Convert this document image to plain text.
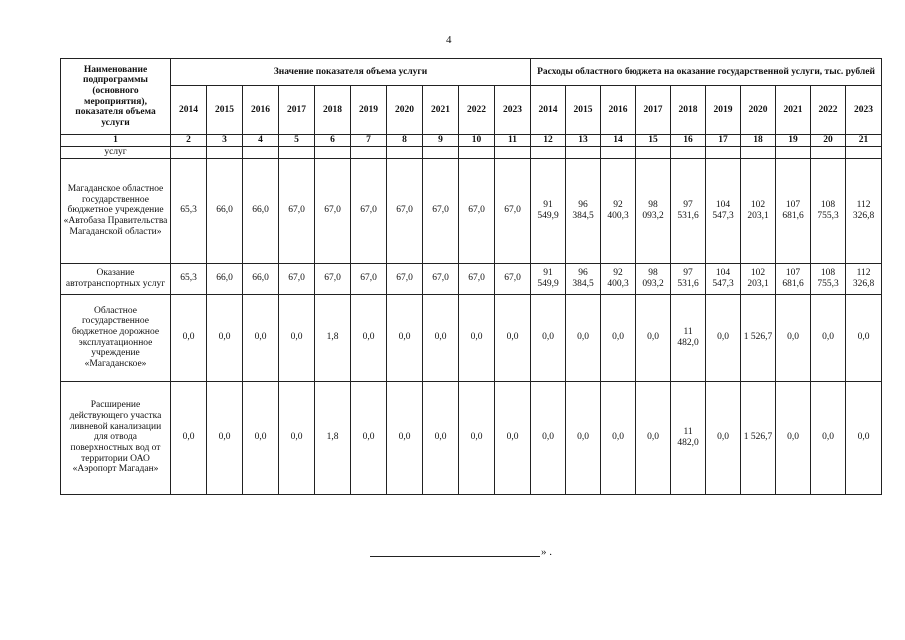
4
Наименование подпрограммы (основного мероприятия), показателя объема услуги	Значение показателя объема услуги										Расходы областного бюджета на оказание государственной услуги, тыс. рублей									
	2014	2015	2016	2017	2018	2019	2020	2021	2022	2023	2014	2015	2016	2017	2018	2019	2020	2021	2022	2023
1	2	3	4	5	6	7	8	9	10	11	12	13	14	15	16	17	18	19	20	21
услуг																				
Магаданское областное государственное бюджетное учреждение «Автобаза Правительства Магаданской области»	65,3	66,0	66,0	67,0	67,0	67,0	67,0	67,0	67,0	67,0	91 549,9	96 384,5	92 400,3	98 093,2	97 531,6	104 547,3	102 203,1	107 681,6	108 755,3	112 326,8
Оказание автотранспортных услуг	65,3	66,0	66,0	67,0	67,0	67,0	67,0	67,0	67,0	67,0	91 549,9	96 384,5	92 400,3	98 093,2	97 531,6	104 547,3	102 203,1	107 681,6	108 755,3	112 326,8
Областное государственное бюджетное дорожное эксплуатационное учреждение «Магаданское»	0,0	0,0	0,0	0,0	1,8	0,0	0,0	0,0	0,0	0,0	0,0	0,0	0,0	0,0	11 482,0	0,0	1 526,7	0,0	0,0	0,0
Расширение действующего участка ливневой канализации для отвода поверхностных вод от территории ОАО «Аэропорт Магадан»	0,0	0,0	0,0	0,0	1,8	0,0	0,0	0,0	0,0	0,0	0,0	0,0	0,0	0,0	11 482,0	0,0	1 526,7	0,0	0,0	0,0
» .
